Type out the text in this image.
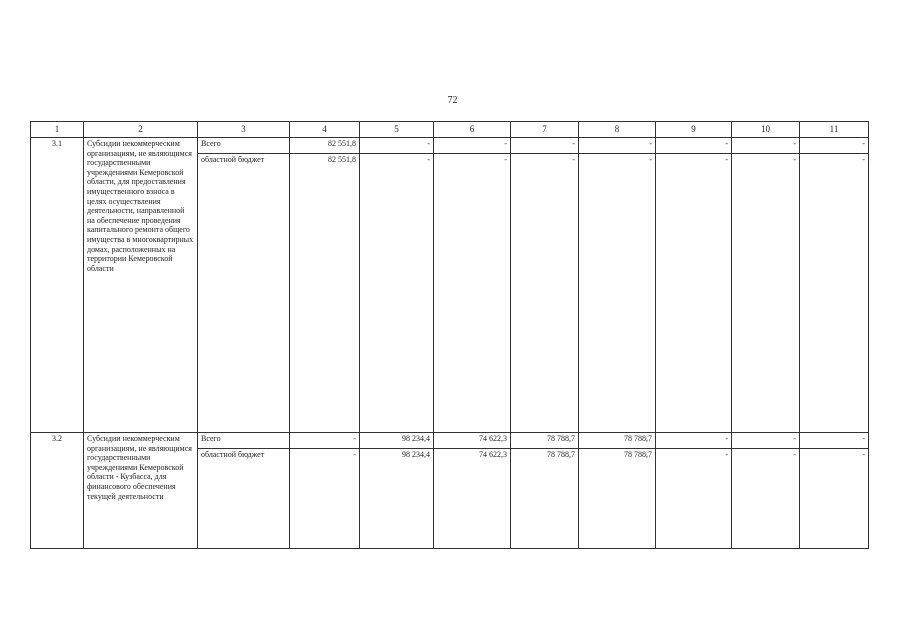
72
1	2	3	4	5	6	7	8	9	10	11
3.1	Субсидии некоммерческим организациям, не являющимся государственными учреждениями Кемеровской области, для предоставления имущественного взноса в целях осуществления деятельности, направленной на обеспечение проведения капитального ремонта общего имущества в многоквартирных домах, расположенных на территории Кемеровской области	Всего	82 551,8	-	-	-	-	-	-	-
		областной бюджет	82 551,8	-	-	-	-	-	-	-
3.2	Субсидии некоммерческим организациям, не являющимся государственными учреждениями Кемеровской области - Кузбасса, для финансового обеспечения текущей деятельности	Всего	-	98 234,4	74 622,3	78 788,7	78 788,7	-	-	-
		областной бюджет	-	98 234,4	74 622,3	78 788,7	78 788,7	-	-	-
